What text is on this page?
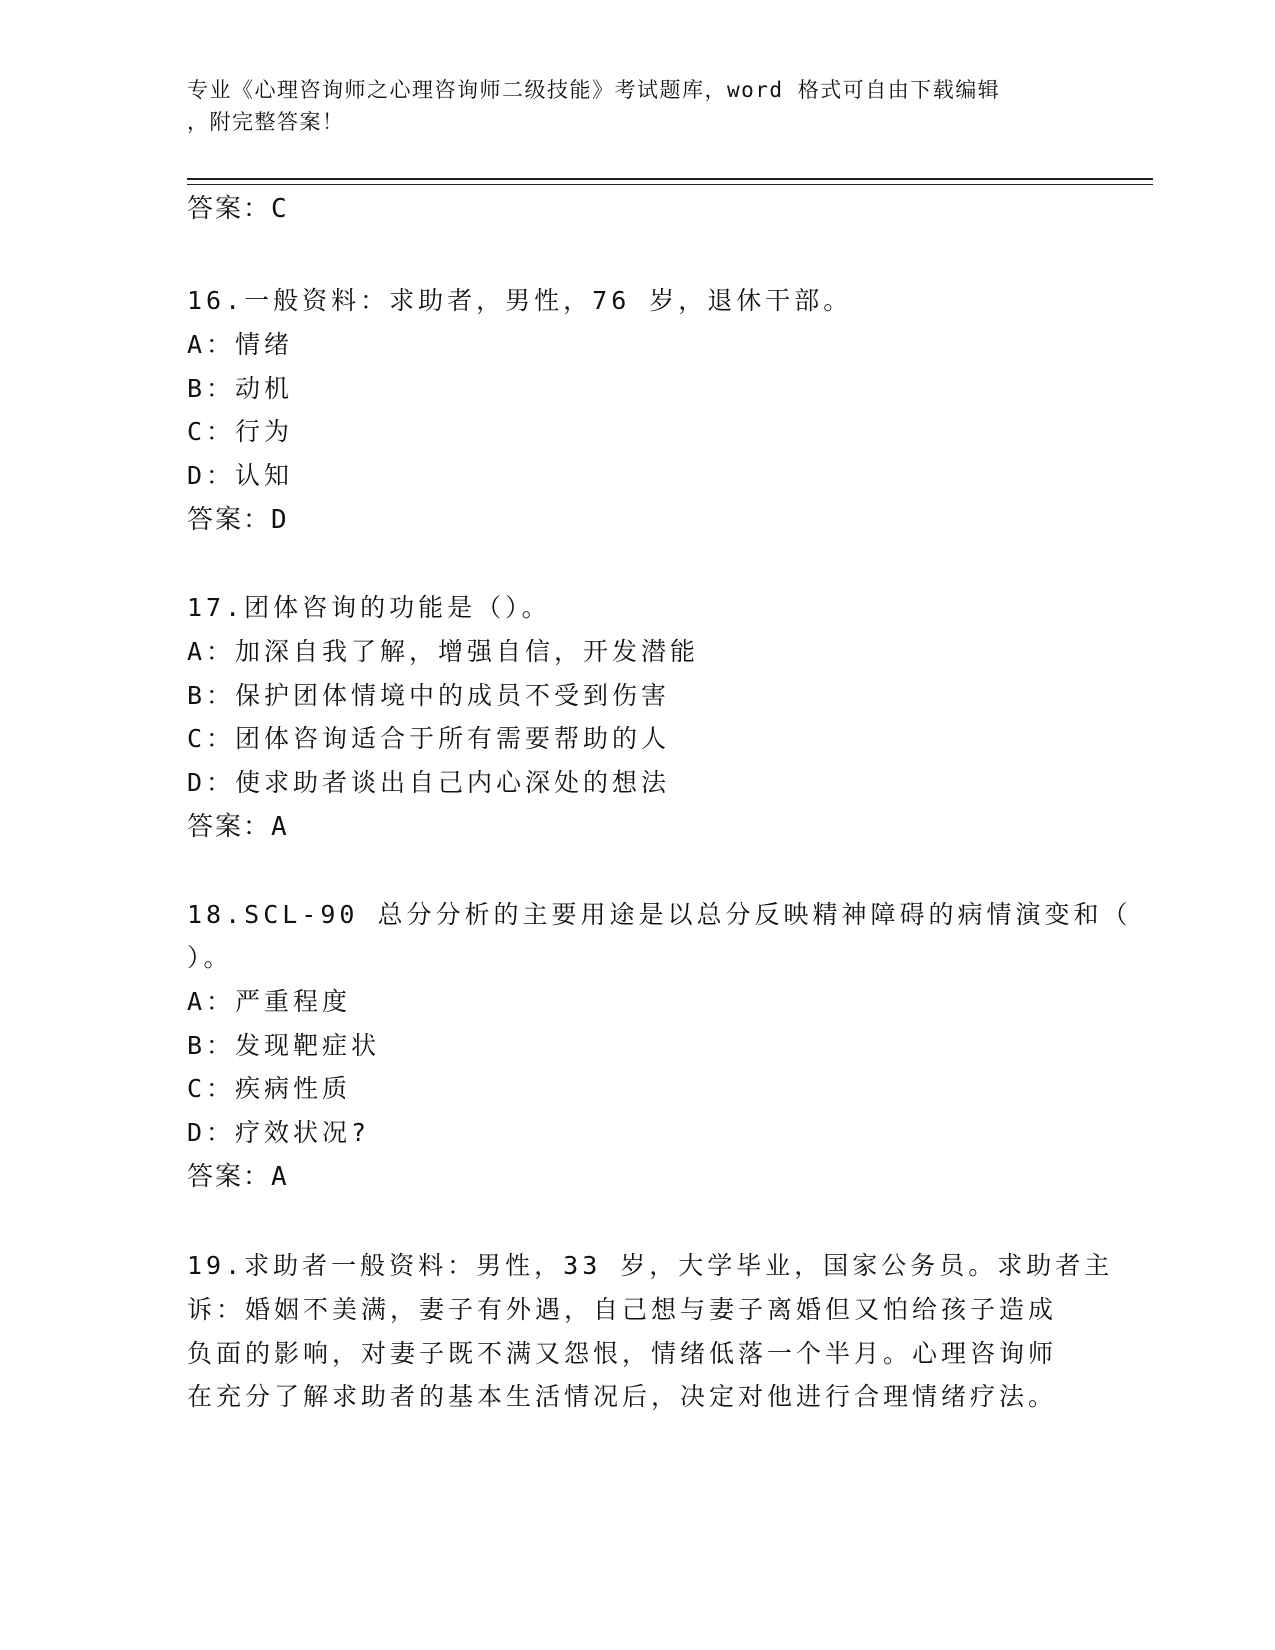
专业《心理咨询师之心理咨询师二级技能》考试题库，word 格式可自由下载编辑
，附完整答案！
答案：C
16.一般资料：求助者，男性，76 岁，退休干部。
A：情绪
B：动机
C：行为
D：认知
答案：D
17.团体咨询的功能是（）。
A：加深自我了解，增强自信，开发潜能
B：保护团体情境中的成员不受到伤害
C：团体咨询适合于所有需要帮助的人
D：使求助者谈出自己内心深处的想法
答案：A
18.SCL-90 总分分析的主要用途是以总分反映精神障碍的病情演变和（
）。
A：严重程度
B：发现靶症状
C：疾病性质
D：疗效状况?
答案：A
19.求助者一般资料：男性，33 岁，大学毕业，国家公务员。求助者主
诉：婚姻不美满，妻子有外遇，自己想与妻子离婚但又怕给孩子造成
负面的影响，对妻子既不满又怨恨，情绪低落一个半月。心理咨询师
在充分了解求助者的基本生活情况后，决定对他进行合理情绪疗法。
